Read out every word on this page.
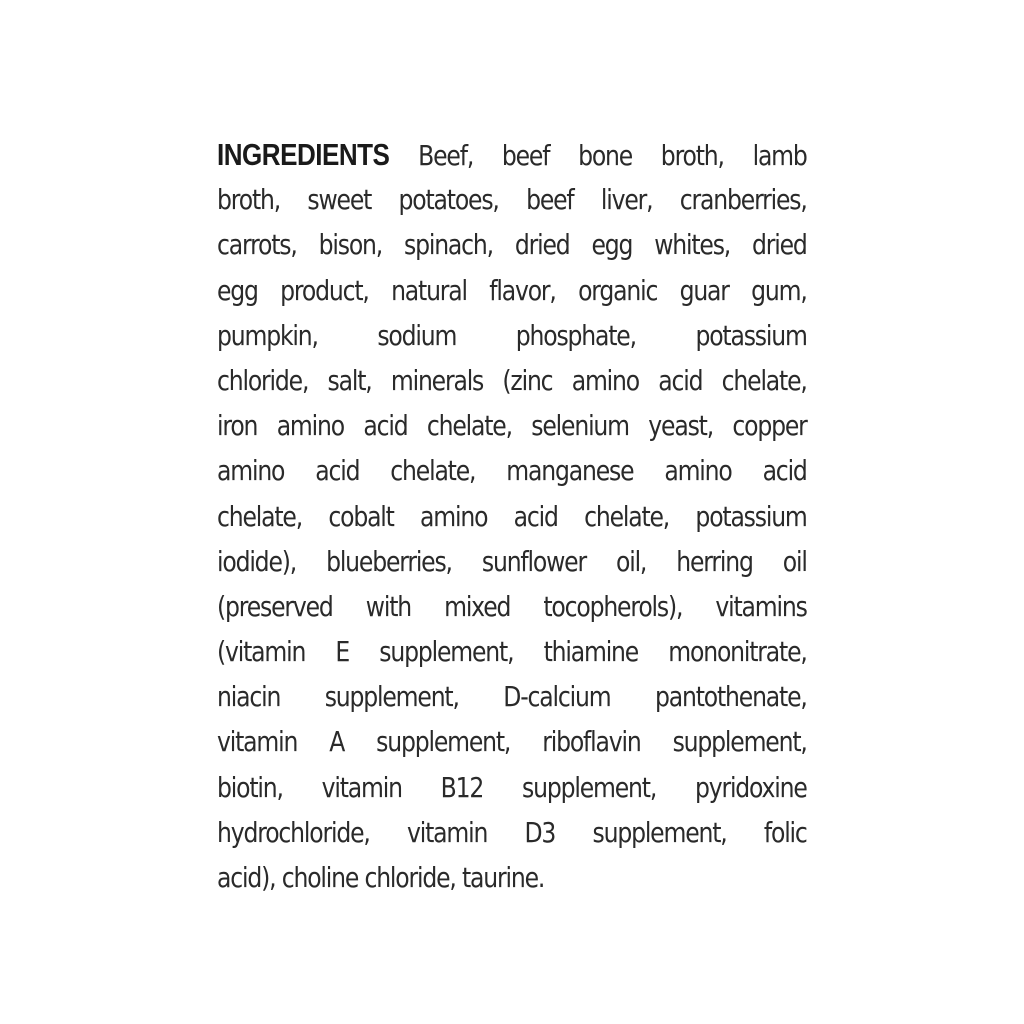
INGREDIENTS Beef, beef bone broth, lamb
broth, sweet potatoes, beef liver, cranberries,
carrots, bison, spinach, dried egg whites, dried
egg product, natural flavor, organic guar gum,
pumpkin, sodium phosphate, potassium
chloride, salt, minerals (zinc amino acid chelate,
iron amino acid chelate, selenium yeast, copper
amino acid chelate, manganese amino acid
chelate, cobalt amino acid chelate, potassium
iodide), blueberries, sunflower oil, herring oil
(preserved with mixed tocopherols), vitamins
(vitamin E supplement, thiamine mononitrate,
niacin supplement, D-calcium pantothenate,
vitamin A supplement, riboflavin supplement,
biotin, vitamin B12 supplement, pyridoxine
hydrochloride, vitamin D3 supplement, folic
acid), choline chloride, taurine.
